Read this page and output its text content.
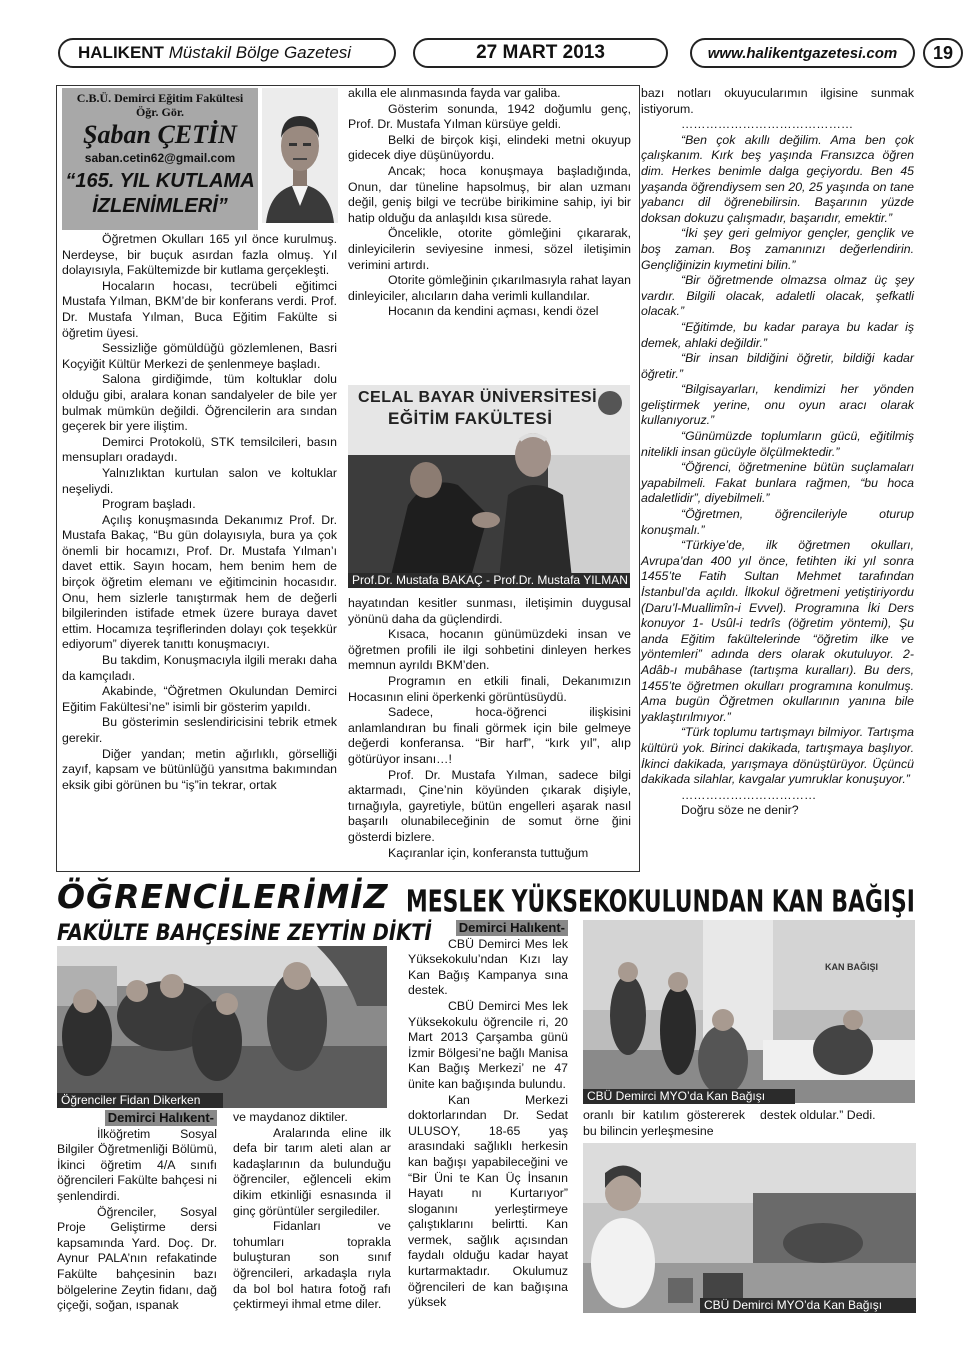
HALIKENT
Müstakil Bölge Gazetesi	27 MART 2013	www.halikentgazetesi.com	19
C.B.Ü. Demirci Eğitim Fakültesi
Öğr. Gör.
Şaban ÇETİN
saban.cetin62@gmail.com
“165. YIL KUTLAMA
İZLENİMLERİ”

Öğretmen Okulları 165 yıl önce kurulmuş. Nerdeyse, bir buçuk asırdan fazla olmuş. Yıl dolayısıyla, Fakültemizde bir kutlama gerçekleşti.

Hocaların hocası, tecrübeli eğitimci Mustafa Yılman, BKM’de bir konferans verdi. Prof. Dr. Mustafa Yılman, Buca Eğitim Fakülte si öğretim üyesi.

Sessizliğe gömüldüğü gözlemlenen, Basri Koçyiğit Kültür Merkezi de şenlenmeye başladı.

Salona girdiğimde, tüm koltuklar dolu olduğu gibi, aralara konan sandalyeler de bile yer bulmak mümkün değildi. Öğrencilerin ara sından geçerek bir yere iliştim.

Demirci Protokolü, STK temsilcileri, basın mensupları oradaydı.

Yalnızlıktan kurtulan salon ve koltuklar neşeliydi.

Program başladı.

Açılış konuşmasında Dekanımız Prof. Dr. Mustafa Bakaç, “Bu gün dolayısıyla, bura ya çok önemli bir hocamızı, Prof. Dr. Mustafa Yılman’ı davet ettik. Sayın hocam, hem benim hem de birçok öğretim elemanı ve eğitimcinin hocasıdır. Onu, hem sizlerle tanıştırmak hem de değerli bilgilerinden istifade etmek üzere buraya davet ettim. Hocamıza teşriflerinden dolayı çok teşekkür ediyorum” diyerek tanıttı konuşmacıyı.

Bu takdim, Konuşmacıyla ilgili merakı daha da kamçıladı.

Akabinde, “Öğretmen Okulundan Demirci Eğitim Fakültesi’ne” isimli bir gösterim yapıldı.

Bu gösterimin seslendiricisini tebrik etmek gerekir.

Diğer yandan; metin ağırlıklı, görselliği zayıf, kapsam ve bütünlüğü yansıtma bakımından eksik gibi görünen bu “iş”in tekrar, ortak

akılla ele alınmasında fayda var galiba.

Gösterim sonunda, 1942 doğumlu genç, Prof. Dr. Mustafa Yılman kürsüye geldi.

Belki de birçok kişi, elindeki metni okuyup gidecek diye düşünüyordu.

Ancak; hoca konuşmaya başladığında, Onun, dar tüneline hapsolmuş, bir alan uzmanı değil, geniş bilgi ve tecrübe birikimine sahip, iyi bir hatip olduğu da anlaşıldı kısa sürede.

Öncelikle, otorite gömleğini çıkararak, dinleyicilerin seviyesine inmesi, sözel iletişimin verimini artırdı.

Otorite gömleğinin çıkarılmasıyla rahat layan dinleyiciler, alıcıların daha verimli kullandılar.

Hocanın da kendini açması, kendi özel

CELAL BAYAR ÜNİVERSİTESİ
EĞİTİM FAKÜLTESİ
Prof.Dr. Mustafa BAKAÇ - Prof.Dr. Mustafa YILMAN

hayatından kesitler sunması, iletişimin duygusal yönünü daha da güçlendirdi.

Kısaca, hocanın günümüzdeki insan ve öğretmen profili ile ilgi sohbetini dinleyen herkes memnun ayrıldı BKM’den.

Programın en etkili finali, Dekanımızın Hocasının elini öperkenki görüntüsüydü.

Sadece, hoca-öğrenci ilişkisini anlamlandıran bu finali görmek için bile gelmeye değerdi konferansa. “Bir harf”, “kırk yıl”, alıp götürüyor insanı…!

Prof. Dr. Mustafa Yılman, sadece bilgi aktarmadı, Çine’nin köyünden çıkarak dişiyle, tırnağıyla, gayretiyle, bütün engelleri aşarak nasıl başarılı olunabileceğinin de somut örne ğini gösterdi bizlere.

Kaçıranlar için, konferansta tuttuğum

bazı notları okuyucularımın ilgisine sunmak istiyorum.

……………………………………

“Ben çok akıllı değilim. Ama ben çok çalışkanım. Kırk beş yaşında Fransızca öğren dim. Herkes benimle dalga geçiyordu. Ben 45 yaşanda öğrendiysem sen 20, 25 yaşında on tane yabancı dil öğrenebilirsin. Başarının yüzde doksan dokuzu çalışmadır, başarıdır, emektir.”

“İki şey geri gelmiyor gençler, gençlik ve boş zaman. Boş zamanınızı değerlendirin. Gençliğinizin kıymetini bilin.”

“Bir öğretmende olmazsa olmaz üç şey vardır. Bilgili olacak, adaletli olacak, şefkatli olacak.”

“Eğitimde, bu kadar paraya bu kadar iş demek, ahlaki değildir.”

“Bir insan bildiğini öğretir, bildiği kadar öğretir.”

“Bilgisayarları, kendimizi her yönden geliştirmek yerine, onu oyun aracı olarak kullanıyoruz.”

“Günümüzde toplumların gücü, eğitilmiş nitelikli insan gücüyle ölçülmektedir.”

“Öğrenci, öğretmenine bütün suçlamaları yapabilmeli. Fakat bunlara rağmen, “bu hoca adaletlidir”, diyebilmeli.”

“Öğretmen, öğrencileriyle oturup konuşmalı.”

“Türkiye’de, ilk öğretmen okulları, Avrupa’dan 400 yıl önce, fetihten iki yıl sonra 1455’te Fatih Sultan Mehmet tarafından İstanbul’da açıldı. İlkokul öğretmeni yetiştiriyordu (Daru’l-Muallimîn-i Evvel). Programına İki Ders konuyor 1- Usûl-i tedrîs (öğretim yöntemi), Şu anda Eğitim fakültelerinde “öğretim ilke ve yöntemleri” adında ders olarak okutuluyor. 2- Adâb-ı mubâhase (tartışma kuralları). Bu ders, 1455’te öğretmen okulları programına konulmuş. Ama bugün Öğretmen okullarının yanına bile yaklaştırılmıyor.”

“Türk toplumu tartışmayı bilmiyor. Tartışma kültürü yok. Birinci dakikada, tartışmaya başlıyor. İkinci dakikada, yarışmaya dönüştürüyor. Üçüncü dakikada silahlar, kavgalar yumruklar konuşuyor.”

……………………………

Doğru söze ne denir?

ÖĞRENCİLERİMİZ
FAKÜLTE BAHÇESİNE ZEYTİN DİKTİ
Öğrenciler Fidan Dikerken

Demirci Halıkent-

İlköğretim Sosyal Bilgiler Öğretmenliği Bölümü, İkinci öğretim 4/A sınıfı öğrencileri Fakülte bahçesi ni şenlendirdi.

Öğrenciler, Sosyal Proje Geliştirme dersi kapsamında Yard. Doç. Dr. Aynur PALA’nın refakatinde Fakülte bahçesinin bazı bölgelerine Zeytin fidanı, dağ çiçeği, soğan, ıspanak

ve maydanoz diktiler.

Aralarında eline ilk defa bir tarım aleti alan ar kadaşlarının da bulunduğu öğrenciler, eğlenceli ekim dikim etkinliği esnasında il ginç görüntüler sergilediler.

Fidanları ve tohumları toprakla buluşturan son sınıf öğrencileri, arkadaşla rıyla da bol bol hatıra fotoğ rafı çektirmeyi ihmal etme diler.

MESLEK YÜKSEKOKULUNDAN KAN BAĞIŞI

Demirci Halıkent-

CBÜ Demirci Mes lek Yüksekokulu’ndan Kızı lay Kan Bağış Kampanya sına destek.

CBÜ Demirci Mes lek Yüksekokulu öğrencile ri, 20 Mart 2013 Çarşamba günü İzmir Bölgesi’ne bağlı Manisa Kan Bağış Merkezi’ ne 47 ünite kan bağışında bulundu.

Kan Merkezi doktorlarından Dr. Sedat ULUSOY, 18-65 yaş arasındaki sağlıklı herkesin kan bağışı yapabileceğini ve “Bir Üni te Kan Üç İnsanın Hayatı nı Kurtarıyor” sloganını yerleştirmeye çalıştıklarını belirtti. Kan vermek, sağlık açısından faydalı olduğu kadar hayat kurtarmaktadır. Okulumuz öğrencileri de kan bağışına yüksek

KAN BAĞIŞI
CBÜ Demirci MYO’da Kan Bağışı

oranlı bir katılım göstererek bu bilincin yerleşmesine

destek oldular.” Dedi.

CBÜ Demirci MYO’da Kan Bağışı
